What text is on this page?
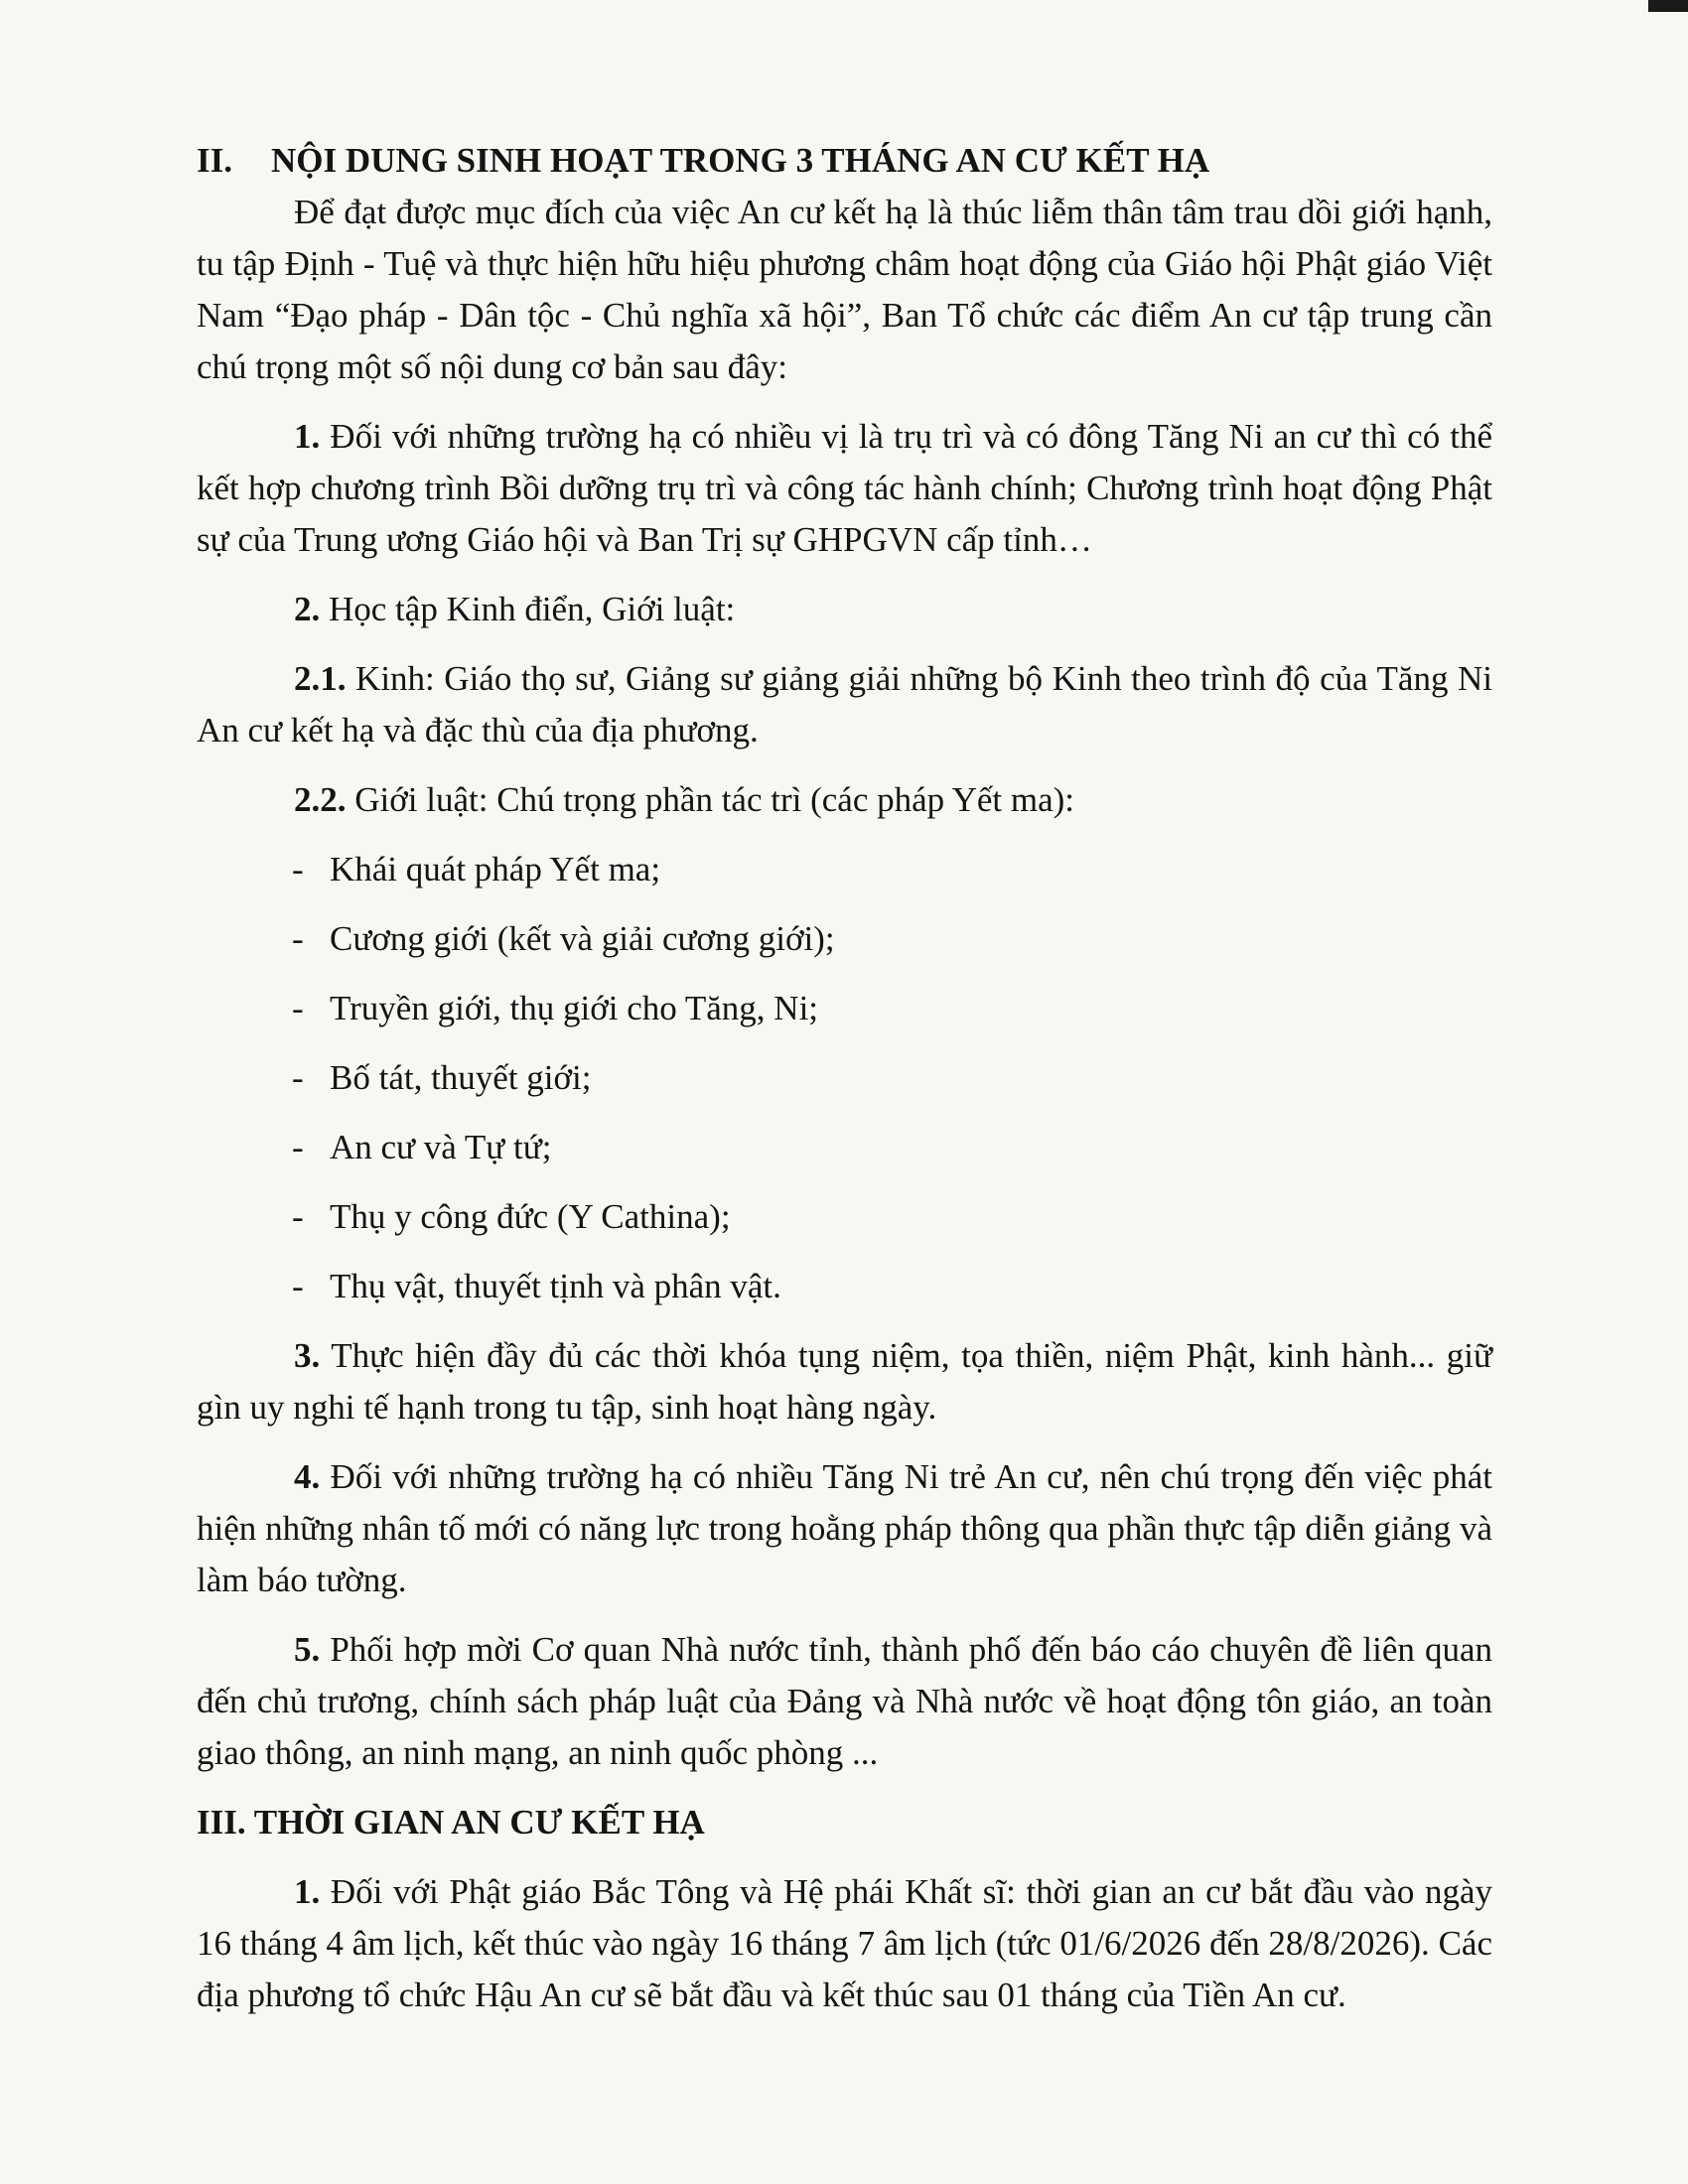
II. NỘI DUNG SINH HOẠT TRONG 3 THÁNG AN CƯ KẾT HẠ

Để đạt được mục đích của việc An cư kết hạ là thúc liễm thân tâm trau dồi giới hạnh, tu tập Định - Tuệ và thực hiện hữu hiệu phương châm hoạt động của Giáo hội Phật giáo Việt Nam “Đạo pháp - Dân tộc - Chủ nghĩa xã hội”, Ban Tổ chức các điểm An cư tập trung cần chú trọng một số nội dung cơ bản sau đây:

1. Đối với những trường hạ có nhiều vị là trụ trì và có đông Tăng Ni an cư thì có thể kết hợp chương trình Bồi dưỡng trụ trì và công tác hành chính; Chương trình hoạt động Phật sự của Trung ương Giáo hội và Ban Trị sự GHPGVN cấp tỉnh…

2. Học tập Kinh điển, Giới luật:

2.1. Kinh: Giáo thọ sư, Giảng sư giảng giải những bộ Kinh theo trình độ của Tăng Ni An cư kết hạ và đặc thù của địa phương.

2.2. Giới luật: Chú trọng phần tác trì (các pháp Yết ma):

- Khái quát pháp Yết ma;
- Cương giới (kết và giải cương giới);
- Truyền giới, thụ giới cho Tăng, Ni;
- Bố tát, thuyết giới;
- An cư và Tự tứ;
- Thụ y công đức (Y Cathina);
- Thụ vật, thuyết tịnh và phân vật.

3. Thực hiện đầy đủ các thời khóa tụng niệm, tọa thiền, niệm Phật, kinh hành... giữ gìn uy nghi tế hạnh trong tu tập, sinh hoạt hàng ngày.

4. Đối với những trường hạ có nhiều Tăng Ni trẻ An cư, nên chú trọng đến việc phát hiện những nhân tố mới có năng lực trong hoằng pháp thông qua phần thực tập diễn giảng và làm báo tường.

5. Phối hợp mời Cơ quan Nhà nước tỉnh, thành phố đến báo cáo chuyên đề liên quan đến chủ trương, chính sách pháp luật của Đảng và Nhà nước về hoạt động tôn giáo, an toàn giao thông, an ninh mạng, an ninh quốc phòng ...

III. THỜI GIAN AN CƯ KẾT HẠ

1. Đối với Phật giáo Bắc Tông và Hệ phái Khất sĩ: thời gian an cư bắt đầu vào ngày 16 tháng 4 âm lịch, kết thúc vào ngày 16 tháng 7 âm lịch (tức 01/6/2026 đến 28/8/2026). Các địa phương tổ chức Hậu An cư sẽ bắt đầu và kết thúc sau 01 tháng của Tiền An cư.
